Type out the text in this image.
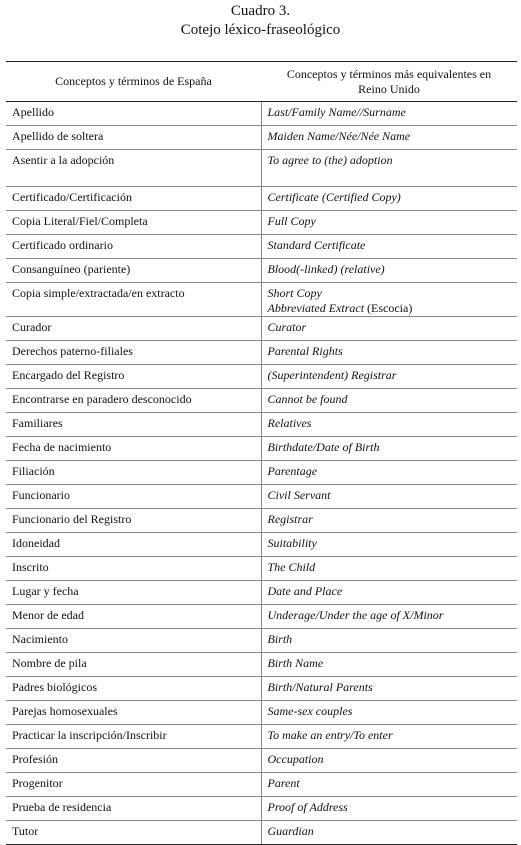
Cuadro 3.
Cotejo léxico-fraseológico
Conceptos y términos de España	Conceptos y términos más equivalentes en Reino Unido
Apellido	Last/Family Name//Surname
Apellido de soltera	Maiden Name/Née/Née Name
Asentir a la adopción	To agree to (the) adoption
Certificado/Certificación	Certificate (Certified Copy)
Copia Literal/Fiel/Completa	Full Copy
Certificado ordinario	Standard Certificate
Consanguíneo (pariente)	Blood(-linked) (relative)
Copia simple/extractada/en extracto	Short Copy
Abbreviated Extract (Escocia)

Curador	Curator
Derechos paterno-filiales	Parental Rights
Encargado del Registro	(Superintendent) Registrar
Encontrarse en paradero desconocido	Cannot be found
Familiares	Relatives
Fecha de nacimiento	Birthdate/Date of Birth
Filiación	Parentage
Funcionario	Civil Servant
Funcionario del Registro	Registrar
Idoneidad	Suitability
Inscrito	The Child
Lugar y fecha	Date and Place
Menor de edad	Underage/Under the age of X/Minor
Nacimiento	Birth
Nombre de pila	Birth Name
Padres biológicos	Birth/Natural Parents
Parejas homosexuales	Same-sex couples
Practicar la inscripción/Inscribir	To make an entry/To enter
Profesión	Occupation
Progenitor	Parent
Prueba de residencia	Proof of Address
Tutor	Guardian
